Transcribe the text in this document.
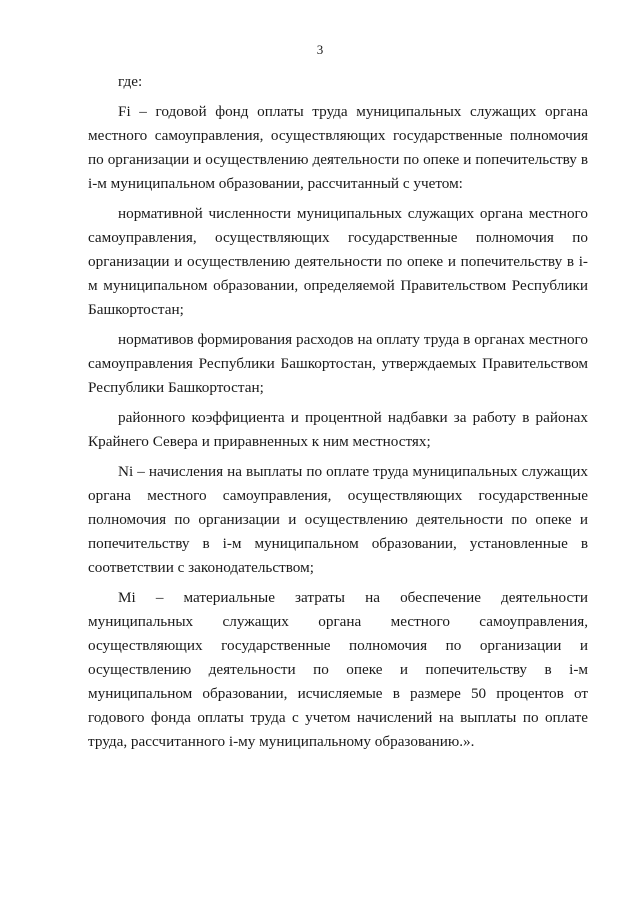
3

где:

Fi – годовой фонд оплаты труда муниципальных служащих органа местного самоуправления, осуществляющих государственные полномочия по организации и осуществлению деятельности по опеке и попечительству в i-м муниципальном образовании, рассчитанный с учетом:

нормативной численности муниципальных служащих органа местного самоуправления, осуществляющих государственные полномочия по организации и осуществлению деятельности по опеке и попечительству в i-м муниципальном образовании, определяемой Правительством Республики Башкортостан;

нормативов формирования расходов на оплату труда в органах местного самоуправления Республики Башкортостан, утверждаемых Правительством Республики Башкортостан;

районного коэффициента и процентной надбавки за работу в районах Крайнего Севера и приравненных к ним местностях;

Ni – начисления на выплаты по оплате труда муниципальных служащих органа местного самоуправления, осуществляющих государственные полномочия по организации и осуществлению деятельности по опеке и попечительству в i-м муниципальном образовании, установленные в соответствии с законодательством;

Mi – материальные затраты на обеспечение деятельности муниципальных служащих органа местного самоуправления, осуществляющих государственные полномочия по организации и осуществлению деятельности по опеке и попечительству в i-м муниципальном образовании, исчисляемые в размере 50 процентов от годового фонда оплаты труда с учетом начислений на выплаты по оплате труда, рассчитанного i-му муниципальному образованию.».
